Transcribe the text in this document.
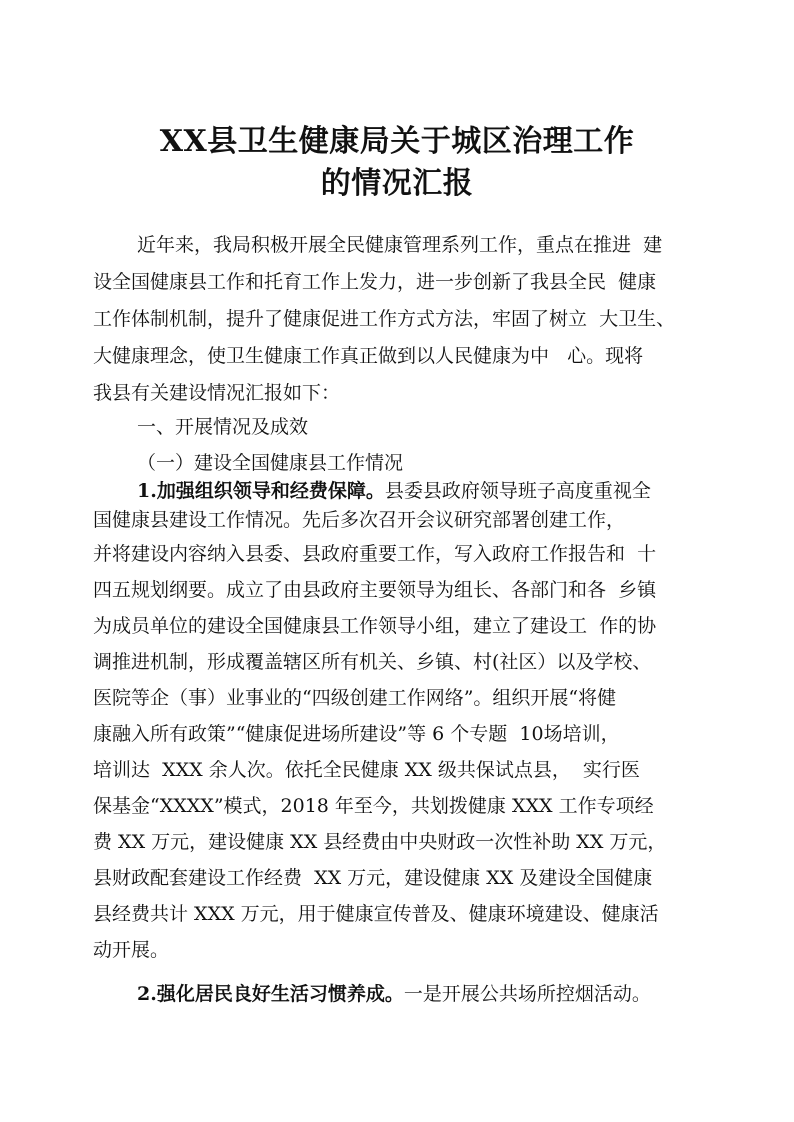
XX县卫生健康局关于城区治理工作
的情况汇报
近年来，我局积极开展全民健康管理系列工作，重点在推进  建
设全国健康县工作和托育工作上发力，进一步创新了我县全民  健康
工作体制机制，提升了健康促进工作方式方法，牢固了树立  大卫生、
大健康理念，使卫生健康工作真正做到以人民健康为中   心。现将
我县有关建设情况汇报如下：
一、开展情况及成效
（一）建设全国健康县工作情况
1.加强组织领导和经费保障。县委县政府领导班子高度重视全
国健康县建设工作情况。先后多次召开会议研究部署创建工作，
并将建设内容纳入县委、县政府重要工作，写入政府工作报告和  十
四五规划纲要。成立了由县政府主要领导为组长、各部门和各  乡镇
为成员单位的建设全国健康县工作领导小组，建立了建设工  作的协
调推进机制，形成覆盖辖区所有机关、乡镇、村(社区）以及学校、
医院等企（事）业事业的“四级创建工作网络”。组织开展“将健
康融入所有政策”“健康促进场所建设”等 6 个专题  10场培训，
培训达  XXX 余人次。依托全民健康 XX 级共保试点县，  实行医
保基金“XXXX”模式，2018 年至今，共划拨健康 XXX 工作专项经
费 XX 万元，建设健康 XX 县经费由中央财政一次性补助 XX 万元，
县财政配套建设工作经费  XX 万元，建设健康 XX 及建设全国健康
县经费共计 XXX 万元，用于健康宣传普及、健康环境建设、健康活
动开展。
2.强化居民良好生活习惯养成。一是开展公共场所控烟活动。
